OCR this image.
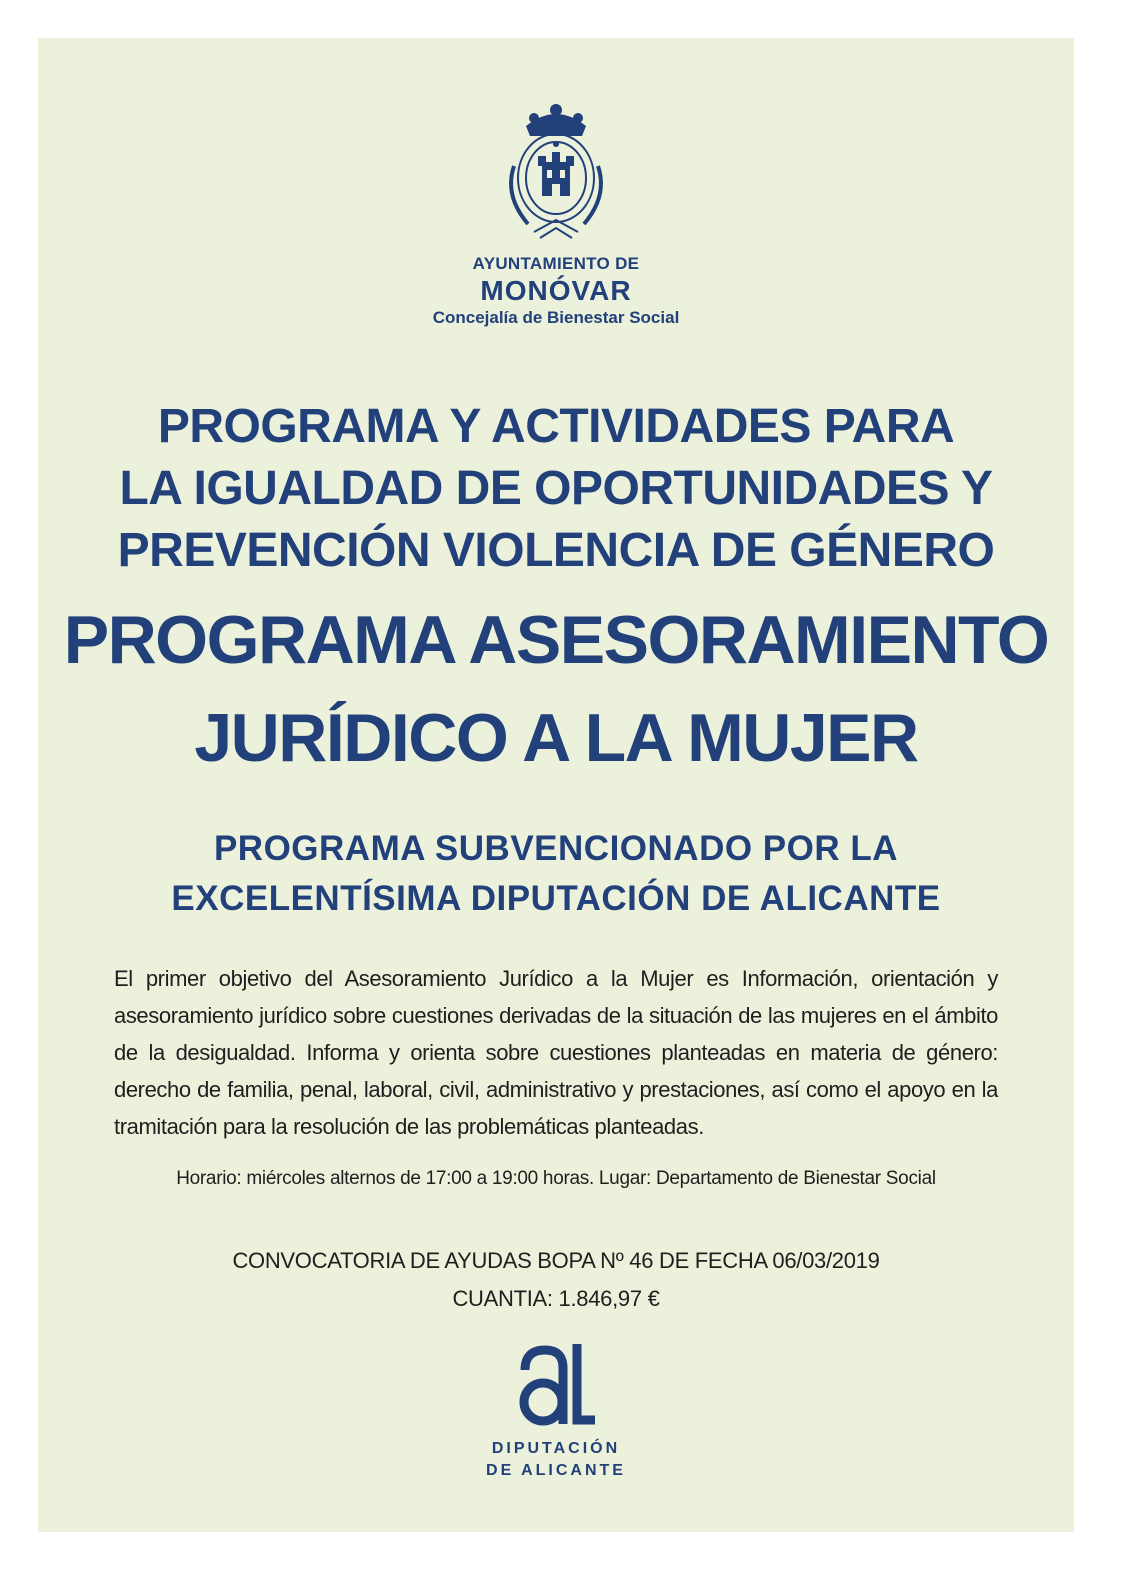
AYUNTAMIENTO DE
MONÓVAR
Concejalía de Bienestar Social
PROGRAMA Y ACTIVIDADES PARA
LA IGUALDAD DE OPORTUNIDADES Y
PREVENCIÓN VIOLENCIA DE GÉNERO
PROGRAMA ASESORAMIENTO
JURÍDICO A LA MUJER
PROGRAMA SUBVENCIONADO POR LA
EXCELENTÍSIMA DIPUTACIÓN DE ALICANTE

El primer objetivo del Asesoramiento Jurídico a la Mujer es Información, orientación y asesoramiento jurídico sobre cuestiones derivadas de la situación de las mujeres en el ámbito de la desigualdad. Informa y orienta sobre cuestiones planteadas en materia de género: derecho de familia, penal, laboral, civil, administrativo y prestaciones, así como el apoyo en la tramitación para la resolución de las problemáticas planteadas.

Horario: miércoles alternos de 17:00 a 19:00 horas. Lugar: Departamento de Bienestar Social
CONVOCATORIA DE AYUDAS BOPA Nº 46 DE FECHA 06/03/2019
CUANTIA: 1.846,97 €
DIPUTACIÓN
DE ALICANTE
